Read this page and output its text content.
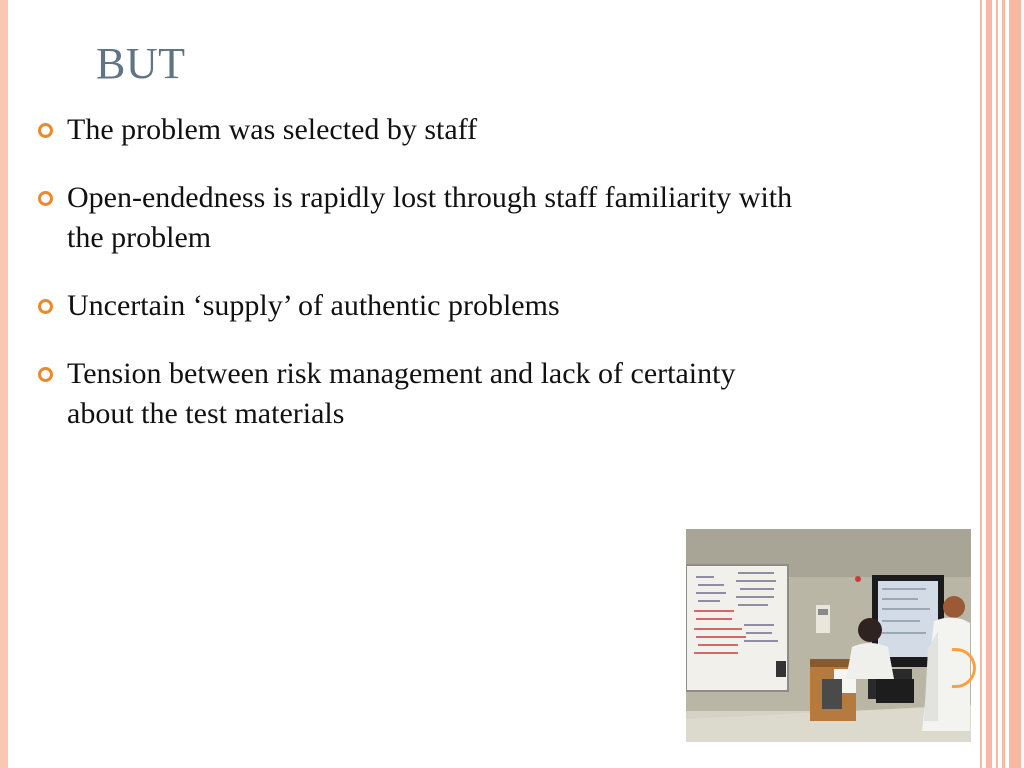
BUT
The problem was selected by staff
Open-endedness is rapidly lost through staff familiarity with the problem
Uncertain ‘supply’ of authentic problems
Tension between risk management and lack of certainty about the test materials
